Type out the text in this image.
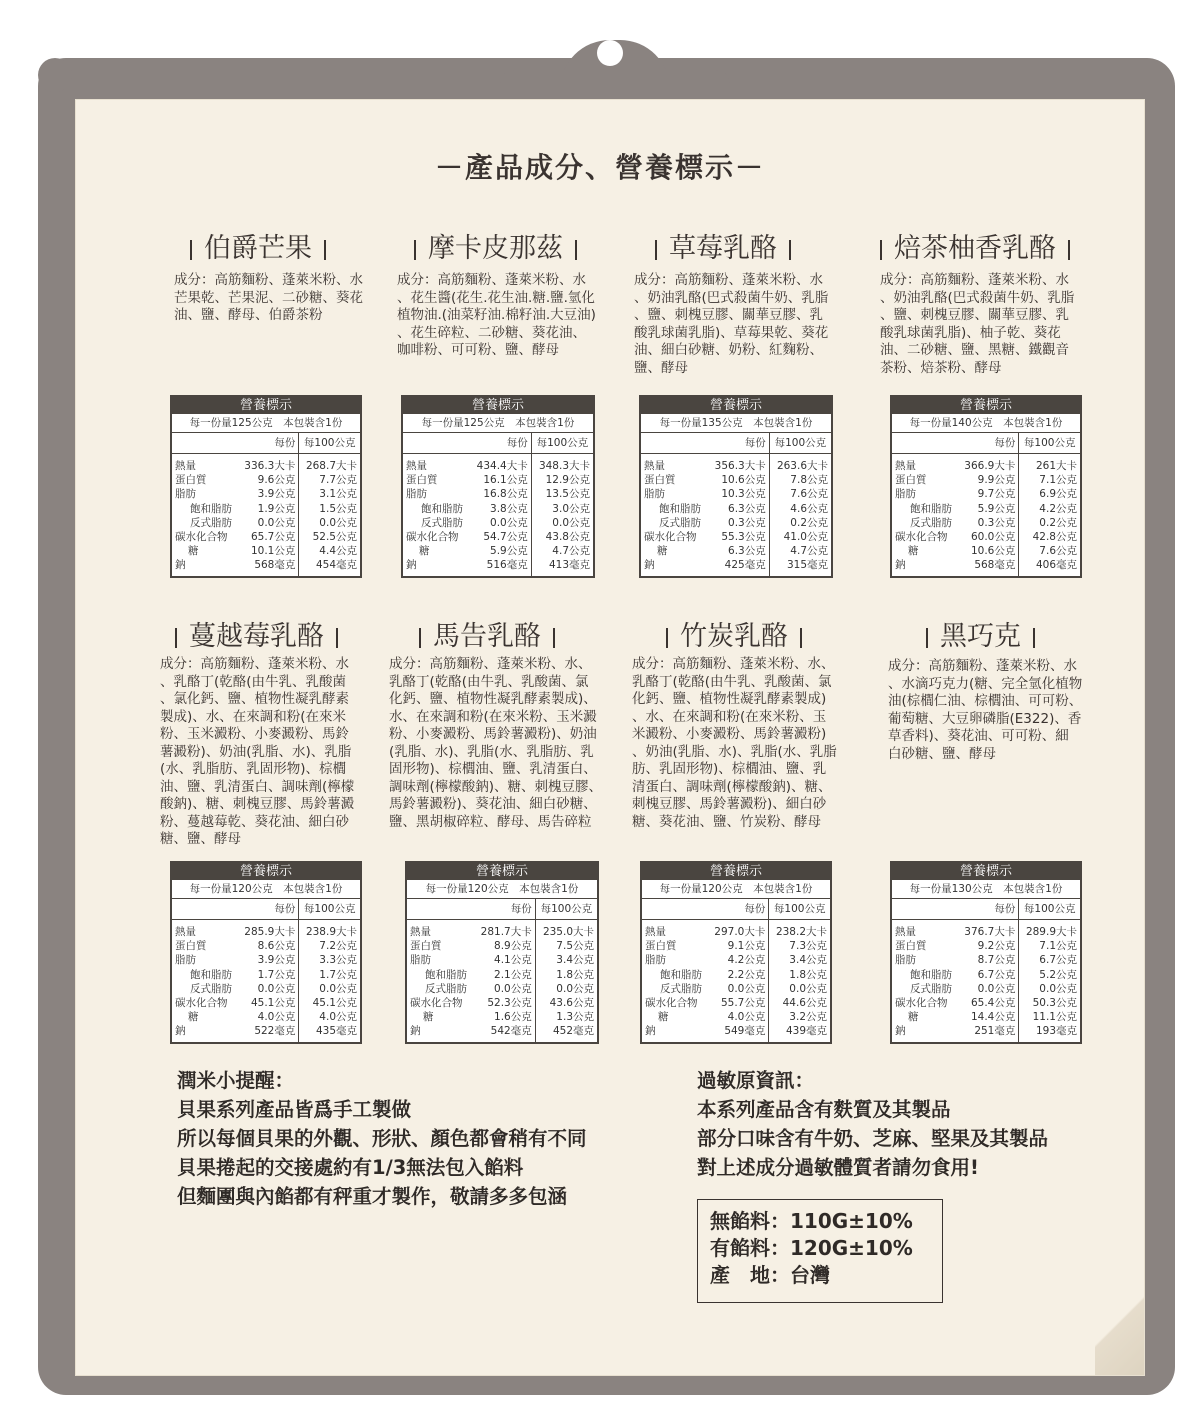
－產品成分、營養標示－
伯爵芒果
成分：高筋麵粉、蓬萊米粉、水
芒果乾、芒果泥、二砂糖、葵花
油、鹽、酵母、伯爵茶粉
營養標示		
每一份量125公克　本包裝含1份		
	每份	每100公克
熱量	336.3大卡	268.7大卡
蛋白質	9.6公克	7.7公克
脂肪	3.9公克	3.1公克
飽和脂肪	1.9公克	1.5公克
反式脂肪	0.0公克	0.0公克
碳水化合物	65.7公克	52.5公克
糖	10.1公克	4.4公克
鈉	568毫克	454毫克
摩卡皮那茲
成分：高筋麵粉、蓬萊米粉、水
、花生醬(花生.花生油.糖.鹽.氫化
植物油.(油菜籽油.棉籽油.大豆油)
、花生碎粒、二砂糖、葵花油、
咖啡粉、可可粉、鹽、酵母
營養標示		
每一份量125公克　本包裝含1份		
	每份	每100公克
熱量	434.4大卡	348.3大卡
蛋白質	16.1公克	12.9公克
脂肪	16.8公克	13.5公克
飽和脂肪	3.8公克	3.0公克
反式脂肪	0.0公克	0.0公克
碳水化合物	54.7公克	43.8公克
糖	5.9公克	4.7公克
鈉	516毫克	413毫克
草莓乳酪
成分：高筋麵粉、蓬萊米粉、水
、奶油乳酪(巴式殺菌牛奶、乳脂
、鹽、刺槐豆膠、關華豆膠、乳
酸乳球菌乳脂)、草莓果乾、葵花
油、細白砂糖、奶粉、紅麴粉、
鹽、酵母
營養標示		
每一份量135公克　本包裝含1份		
	每份	每100公克
熱量	356.3大卡	263.6大卡
蛋白質	10.6公克	7.8公克
脂肪	10.3公克	7.6公克
飽和脂肪	6.3公克	4.6公克
反式脂肪	0.3公克	0.2公克
碳水化合物	55.3公克	41.0公克
糖	6.3公克	4.7公克
鈉	425毫克	315毫克
焙茶柚香乳酪
成分：高筋麵粉、蓬萊米粉、水
、奶油乳酪(巴式殺菌牛奶、乳脂
、鹽、刺槐豆膠、關華豆膠、乳
酸乳球菌乳脂)、柚子乾、葵花
油、二砂糖、鹽、黑糖、鐵觀音
茶粉、焙茶粉、酵母
營養標示		
每一份量140公克　本包裝含1份		
	每份	每100公克
熱量	366.9大卡	261大卡
蛋白質	9.9公克	7.1公克
脂肪	9.7公克	6.9公克
飽和脂肪	5.9公克	4.2公克
反式脂肪	0.3公克	0.2公克
碳水化合物	60.0公克	42.8公克
糖	10.6公克	7.6公克
鈉	568毫克	406毫克
蔓越莓乳酪
成分：高筋麵粉、蓬萊米粉、水
、乳酪丁(乾酪(由牛乳、乳酸菌
、氯化鈣、鹽、植物性凝乳酵素
製成)、水、在來調和粉(在來米
粉、玉米澱粉、小麥澱粉、馬鈴
薯澱粉)、奶油(乳脂、水)、乳脂
(水、乳脂肪、乳固形物)、棕櫚
油、鹽、乳清蛋白、調味劑(檸檬
酸鈉)、糖、刺槐豆膠、馬鈴薯澱
粉、蔓越莓乾、葵花油、細白砂
糖、鹽、酵母
營養標示		
每一份量120公克　本包裝含1份		
	每份	每100公克
熱量	285.9大卡	238.9大卡
蛋白質	8.6公克	7.2公克
脂肪	3.9公克	3.3公克
飽和脂肪	1.7公克	1.7公克
反式脂肪	0.0公克	0.0公克
碳水化合物	45.1公克	45.1公克
糖	4.0公克	4.0公克
鈉	522毫克	435毫克
馬告乳酪
成分：高筋麵粉、蓬萊米粉、水、
乳酪丁(乾酪(由牛乳、乳酸菌、氯
化鈣、鹽、植物性凝乳酵素製成)、
水、在來調和粉(在來米粉、玉米澱
粉、小麥澱粉、馬鈴薯澱粉)、奶油
(乳脂、水)、乳脂(水、乳脂肪、乳
固形物)、棕櫚油、鹽、乳清蛋白、
調味劑(檸檬酸鈉)、糖、刺槐豆膠、
馬鈴薯澱粉)、葵花油、細白砂糖、
鹽、黑胡椒碎粒、酵母、馬告碎粒
營養標示		
每一份量120公克　本包裝含1份		
	每份	每100公克
熱量	281.7大卡	235.0大卡
蛋白質	8.9公克	7.5公克
脂肪	4.1公克	3.4公克
飽和脂肪	2.1公克	1.8公克
反式脂肪	0.0公克	0.0公克
碳水化合物	52.3公克	43.6公克
糖	1.6公克	1.3公克
鈉	542毫克	452毫克
竹炭乳酪
成分：高筋麵粉、蓬萊米粉、水、
乳酪丁(乾酪(由牛乳、乳酸菌、氯
化鈣、鹽、植物性凝乳酵素製成)
、水、在來調和粉(在來米粉、玉
米澱粉、小麥澱粉、馬鈴薯澱粉)
、奶油(乳脂、水)、乳脂(水、乳脂
肪、乳固形物)、棕櫚油、鹽、乳
清蛋白、調味劑(檸檬酸鈉)、糖、
刺槐豆膠、馬鈴薯澱粉)、細白砂
糖、葵花油、鹽、竹炭粉、酵母
營養標示		
每一份量120公克　本包裝含1份		
	每份	每100公克
熱量	297.0大卡	238.2大卡
蛋白質	9.1公克	7.3公克
脂肪	4.2公克	3.4公克
飽和脂肪	2.2公克	1.8公克
反式脂肪	0.0公克	0.0公克
碳水化合物	55.7公克	44.6公克
糖	4.0公克	3.2公克
鈉	549毫克	439毫克
黑巧克
成分：高筋麵粉、蓬萊米粉、水
、水滴巧克力(糖、完全氫化植物
油(棕櫚仁油、棕櫚油、可可粉、
葡萄糖、大豆卵磷脂(E322)、香
草香料)、葵花油、可可粉、細
白砂糖、鹽、酵母
營養標示		
每一份量130公克　本包裝含1份		
	每份	每100公克
熱量	376.7大卡	289.9大卡
蛋白質	9.2公克	7.1公克
脂肪	8.7公克	6.7公克
飽和脂肪	6.7公克	5.2公克
反式脂肪	0.0公克	0.0公克
碳水化合物	65.4公克	50.3公克
糖	14.4公克	11.1公克
鈉	251毫克	193毫克
潤米小提醒：
貝果系列產品皆爲手工製做
所以每個貝果的外觀、形狀、顏色都會稍有不同
貝果捲起的交接處約有1/3無法包入餡料
但麵團與內餡都有秤重才製作，敬請多多包涵
過敏原資訊：
本系列產品含有麩質及其製品
部分口味含有牛奶、芝麻、堅果及其製品
對上述成分過敏體質者請勿食用!
無餡料：110G±10%
有餡料：120G±10%
產　地：台灣
